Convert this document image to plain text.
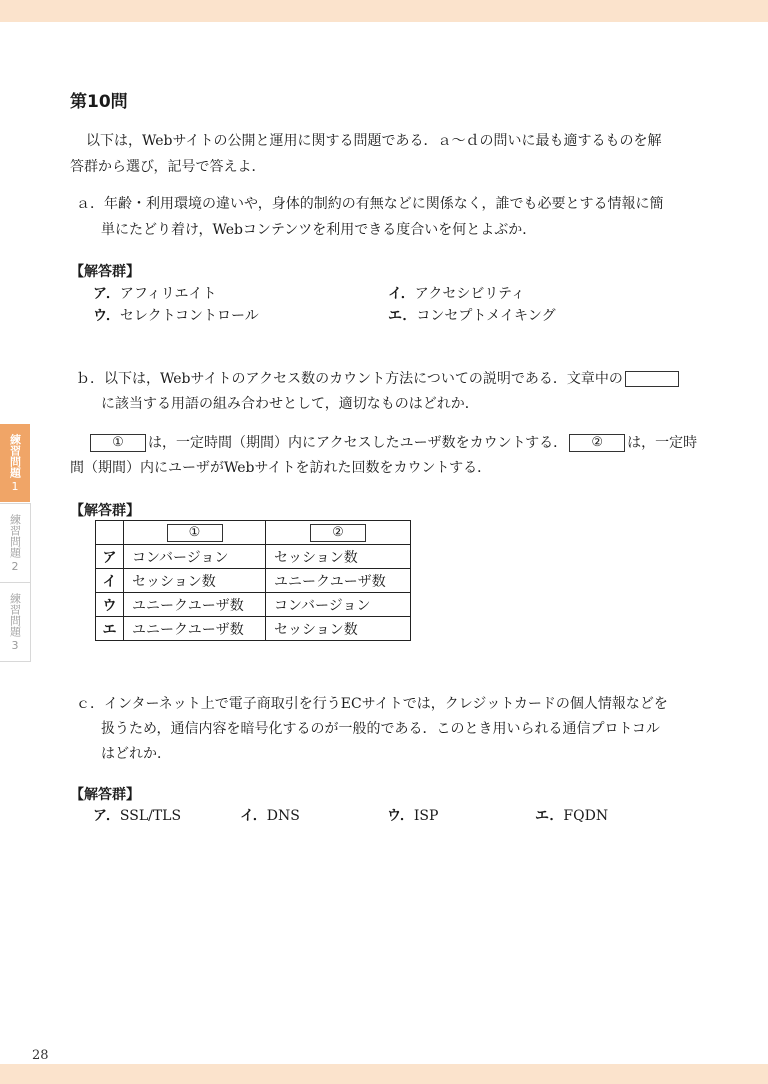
練習問題
1
練習問題
2
練習問題
3
第10問
以下は，Webサイトの公開と運用に関する問題である．ａ～ｄの問いに最も適するものを解
答群から選び，記号で答えよ．
ａ．年齢・利用環境の違いや，身体的制約の有無などに関係なく，誰でも必要とする情報に簡
単にたどり着け，Webコンテンツを利用できる度合いを何とよぶか．
【解答群】
ア．アフィリエイト	イ．アクセシビリティ
ウ．セレクトコントロール	エ．コンセプトメイキング
ｂ．以下は，Webサイトのアクセス数のカウント方法についての説明である．文章中の
に該当する用語の組み合わせとして，適切なものはどれか．
① は，一定時間（期間）内にアクセスしたユーザ数をカウントする． ② は，一定時
間（期間）内にユーザがWebサイトを訪れた回数をカウントする．
【解答群】
	①	②
ア	コンバージョン	セッション数
イ	セッション数	ユニークユーザ数
ウ	ユニークユーザ数	コンバージョン
エ	ユニークユーザ数	セッション数
ｃ．インターネット上で電子商取引を行うECサイトでは，クレジットカードの個人情報などを
扱うため，通信内容を暗号化するのが一般的である．このとき用いられる通信プロトコル
はどれか．
【解答群】
ア．SSL/TLS	イ．DNS	ウ．ISP	エ．FQDN
28
